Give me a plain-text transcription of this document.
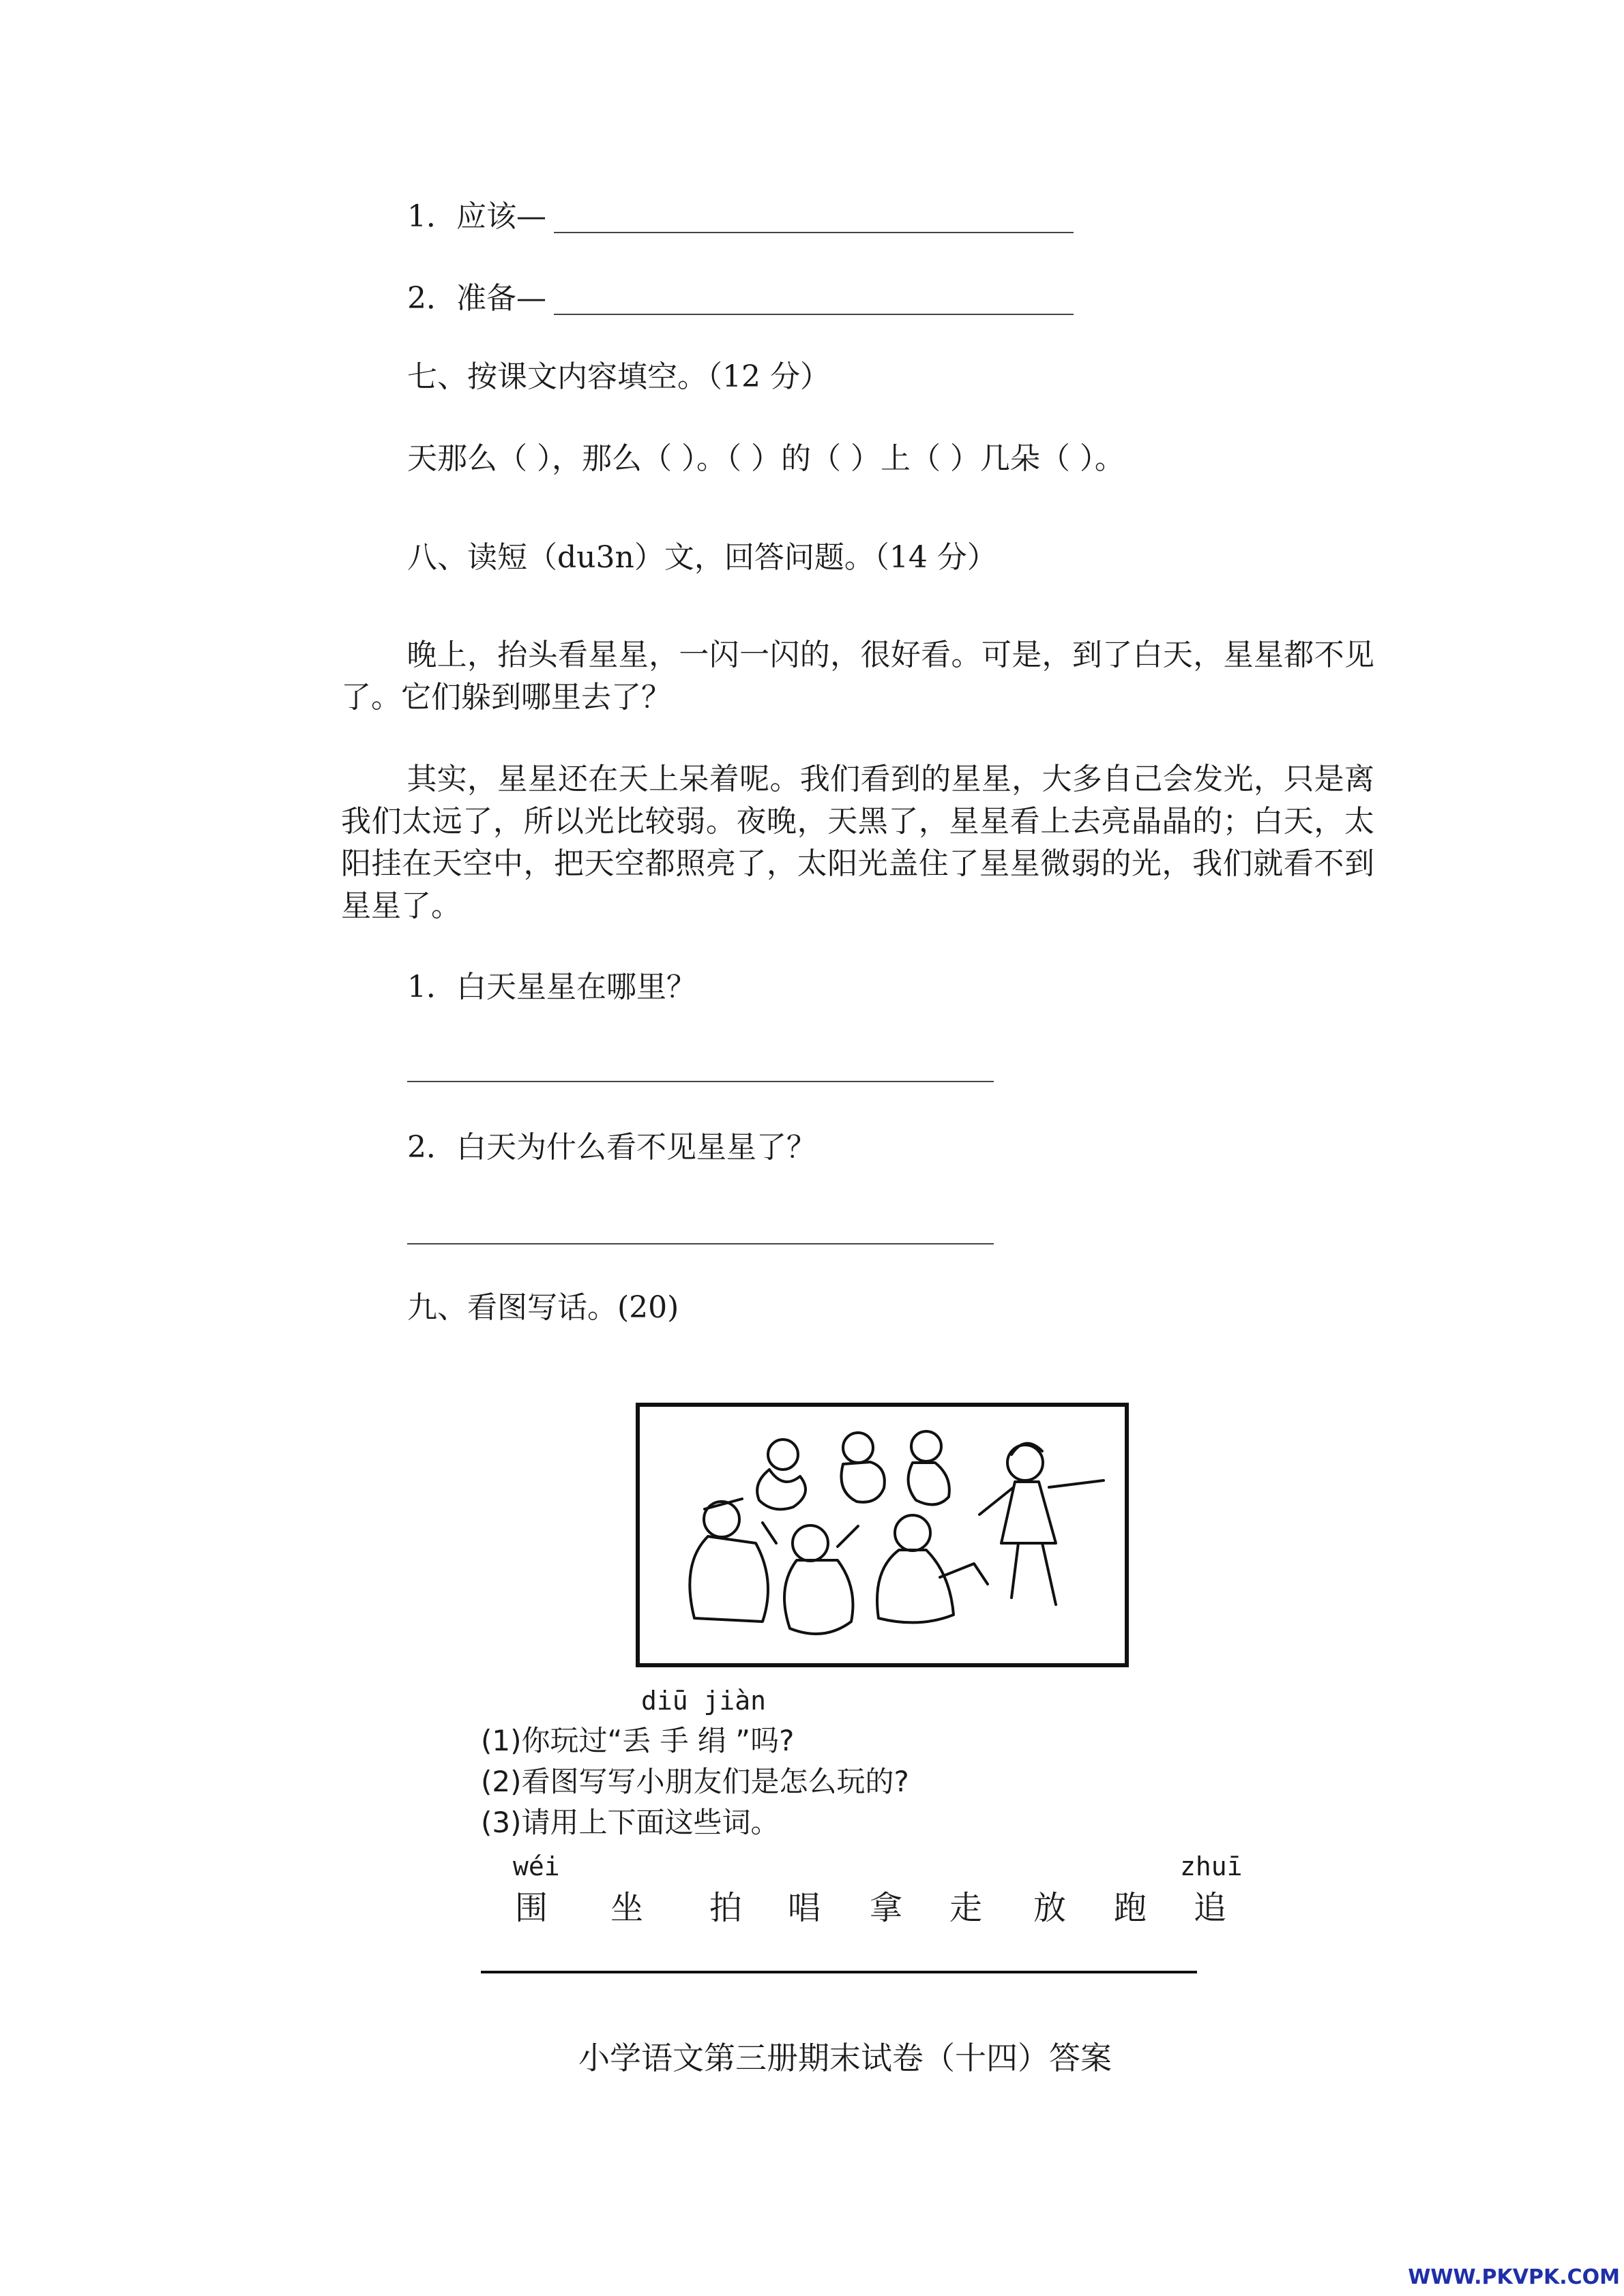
1．应该—
2．准备—
七、按课文内容填空。（12 分）
天那么（ ），那么（ ）。（ ）的（ ）上（ ）几朵（ ）。
八、读短（du3n）文，回答问题。（14 分）
晚上，抬头看星星，一闪一闪的，很好看。可是，到了白天，星星都不见了。它们躲到哪里去了？
其实，星星还在天上呆着呢。我们看到的星星，大多自己会发光，只是离我们太远了，所以光比较弱。夜晚，天黑了，星星看上去亮晶晶的；白天，太阳挂在天空中，把天空都照亮了，太阳光盖住了星星微弱的光，我们就看不到星星了。
1．白天星星在哪里？
2．白天为什么看不见星星了？
九、看图写话。(20)
diū jiàn
(1)你玩过“丢 手 绢 ”吗?
(2)看图写写小朋友们是怎么玩的?
(3)请用上下面这些词。
wéi	zhuī
围 坐 拍 唱 拿 走 放 跑 追
小学语文第三册期末试卷（十四）答案
WWW.PKVPK.COM
